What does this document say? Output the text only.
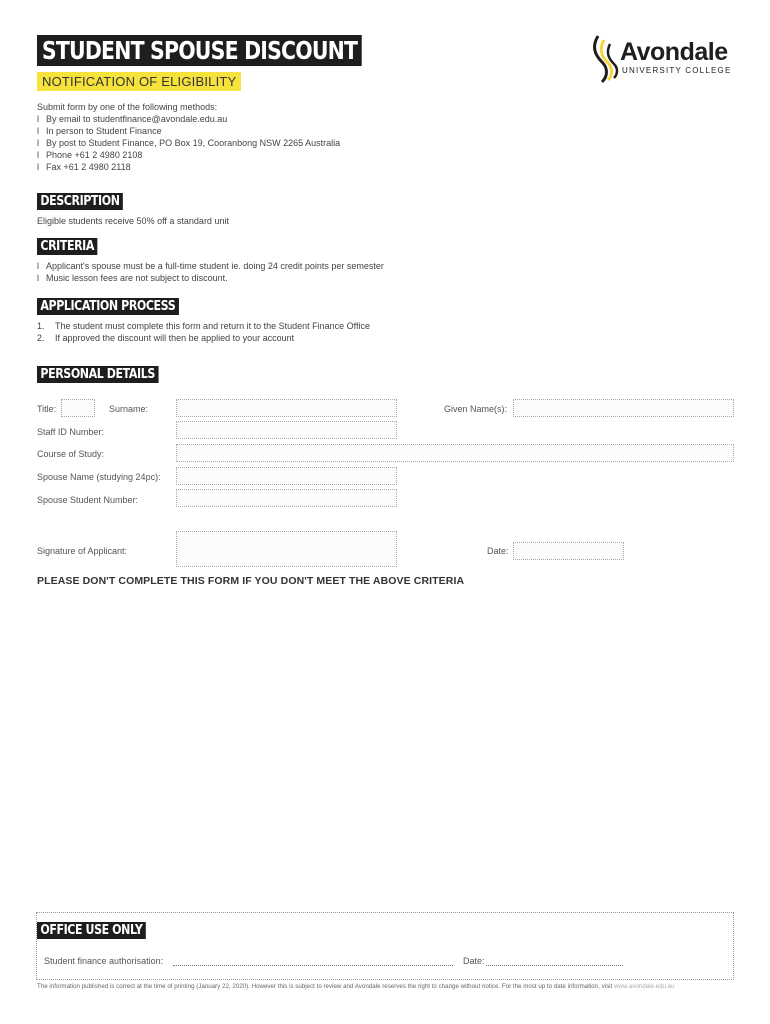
STUDENT SPOUSE DISCOUNT
NOTIFICATION OF ELIGIBILITY
Avondale
UNIVERSITY COLLEGE
Submit form by one of the following methods:
l By email to studentfinance@avondale.edu.au
l In person to Student Finance
l By post to Student Finance, PO Box 19, Cooranbong NSW 2265 Australia
l Phone +61 2 4980 2108
l Fax +61 2 4980 2118
DESCRIPTION
Eligible students receive 50% off a standard unit
CRITERIA
l Applicant's spouse must be a full-time student ie. doing 24 credit points per semester
l Music lesson fees are not subject to discount.
APPLICATION PROCESS
1. The student must complete this form and return it to the Student Finance Office
2. If approved the discount will then be applied to your account
PERSONAL DETAILS
Title:	Surname:	Given Name(s):
Staff ID Number:
Course of Study:
Spouse Name (studying 24pc):
Spouse Student Number:
Signature of Applicant:	Date:
PLEASE DON'T COMPLETE THIS FORM IF YOU DON'T MEET THE ABOVE CRITERIA
OFFICE USE ONLY
Student finance authorisation:	Date:
The information published is correct at the time of printing (January 22, 2020). However this is subject to review and Avondale reserves the right to change without notice. For the most up to date information, visit www.avondale.edu.au
